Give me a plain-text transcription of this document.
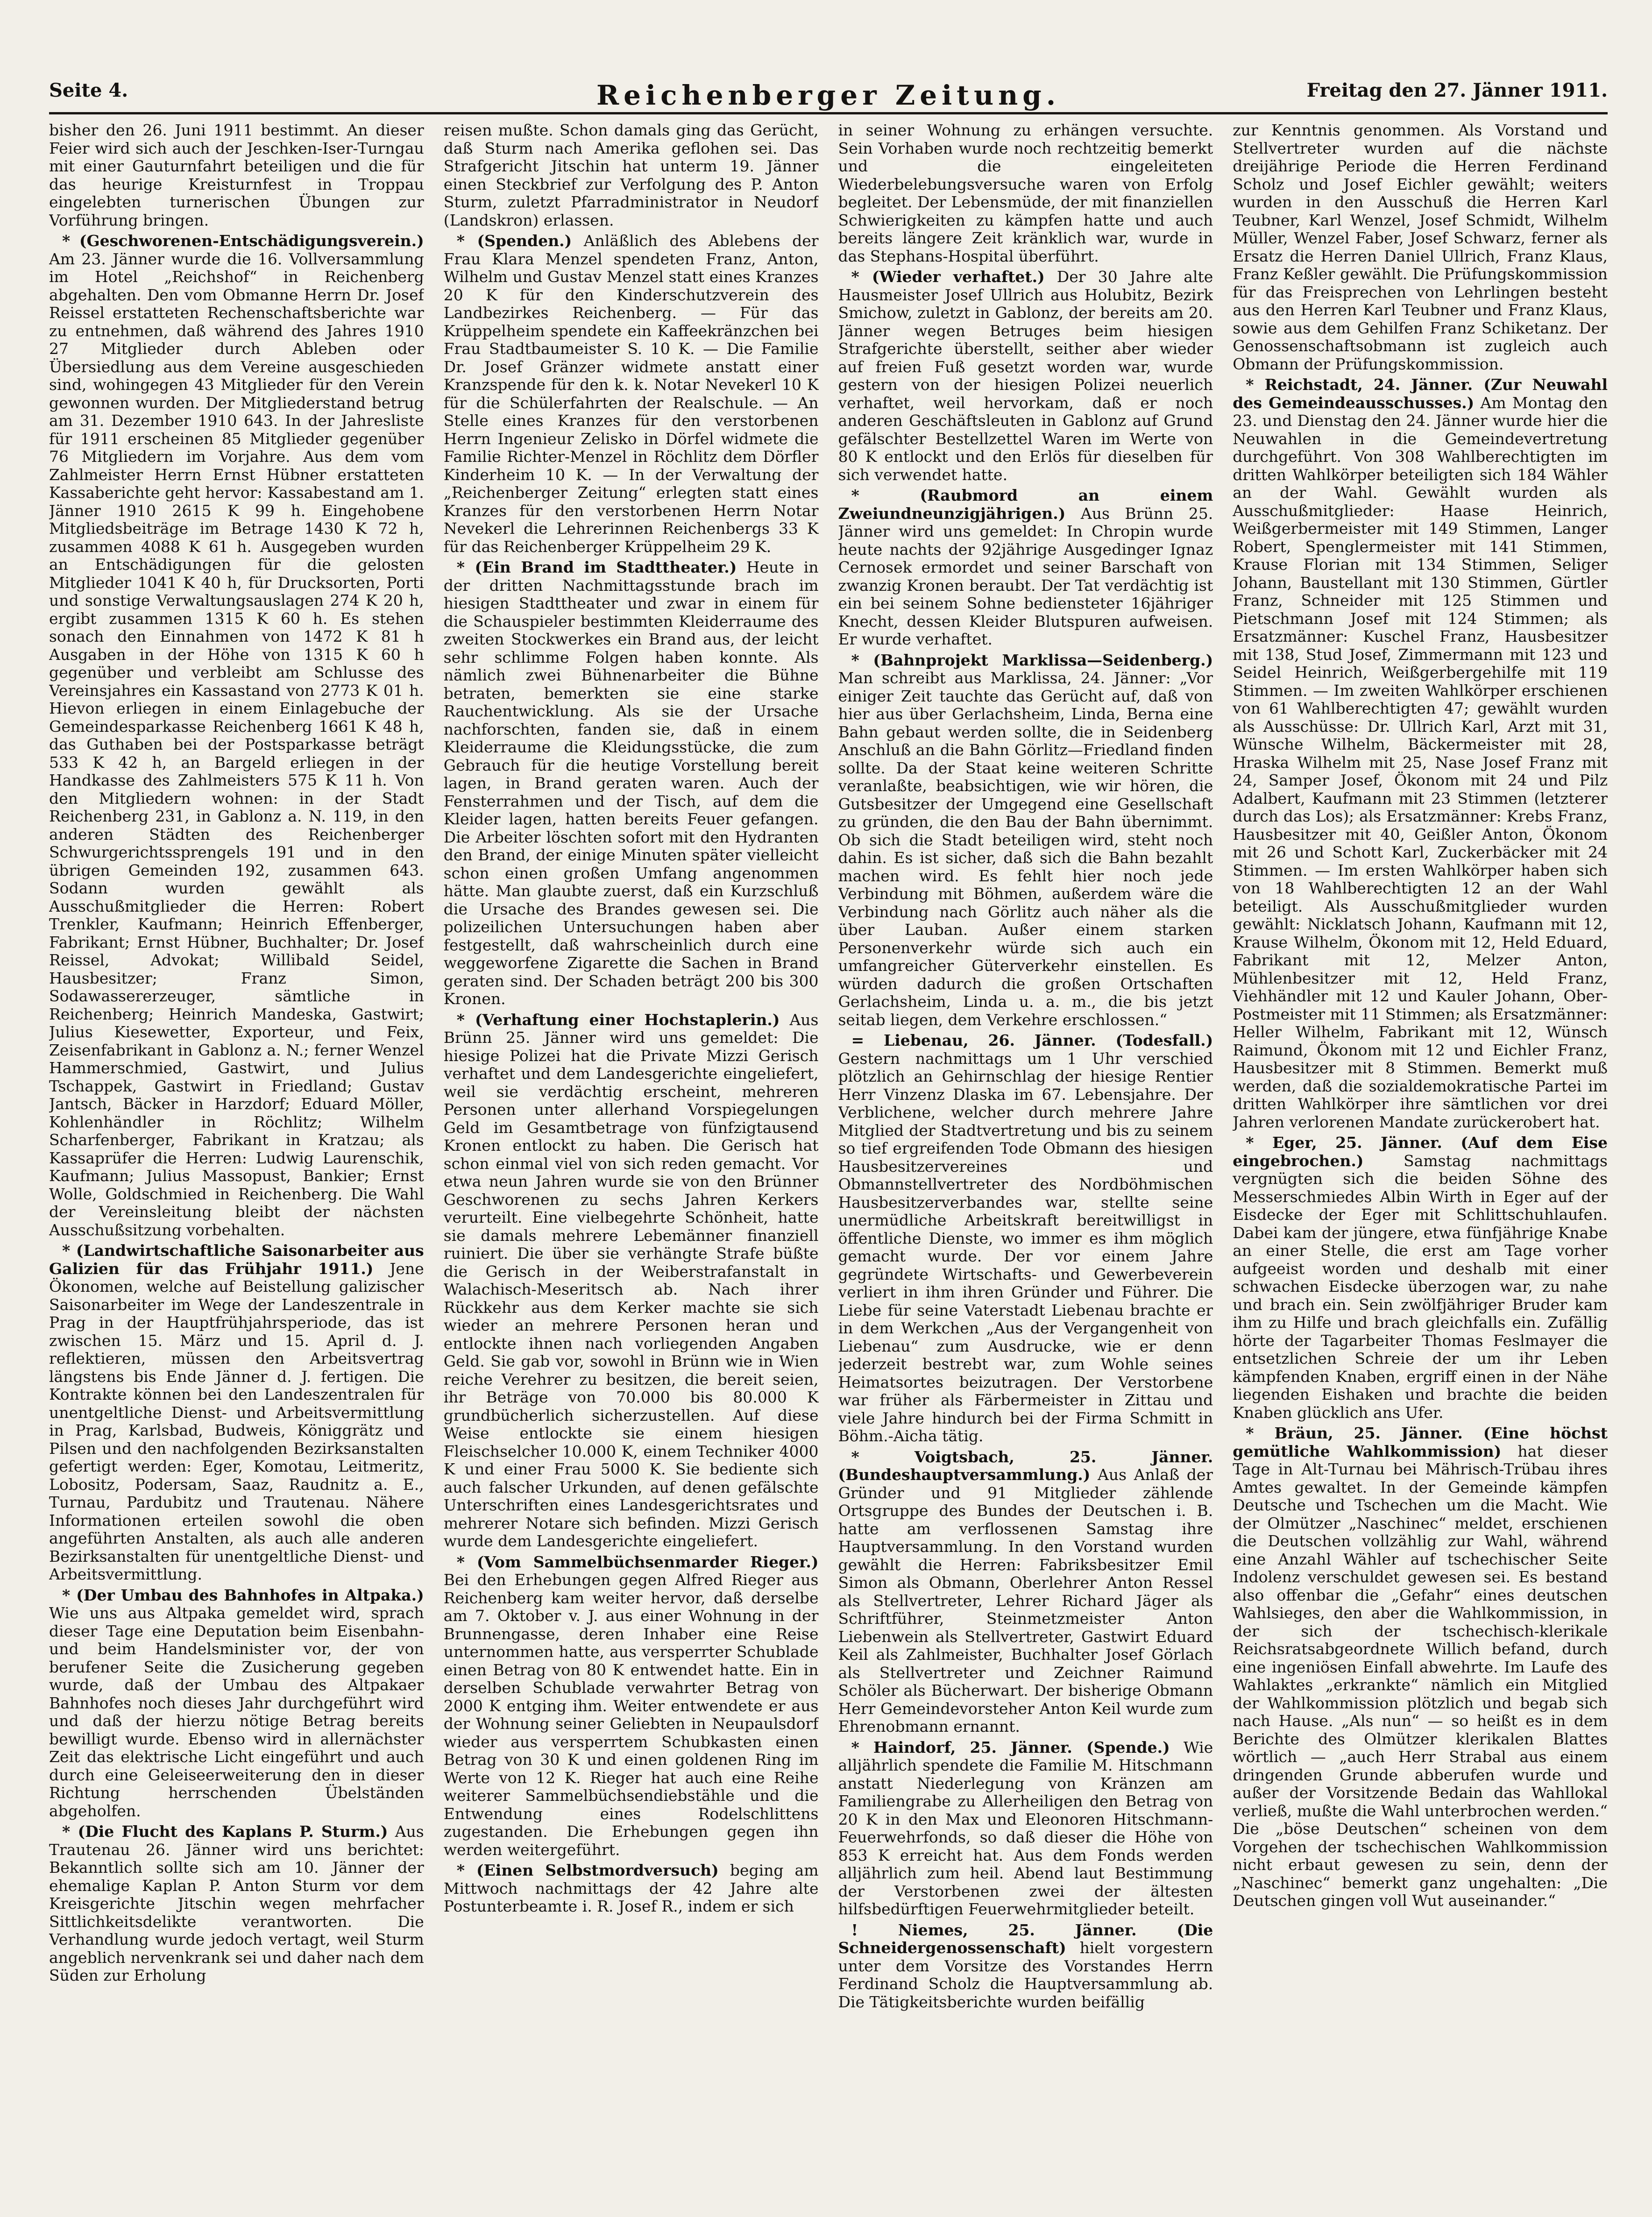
Seite 4.	Reichenberger Zeitung.	Freitag den 27. Jänner 1911.

bisher den 26. Juni 1911 bestimmt. An dieser Feier wird sich auch der Jeschken-Iser-Turngau mit einer Gauturnfahrt beteiligen und die für das heurige Kreisturnfest in Troppau eingelebten turnerischen Übungen zur Vorführung bringen.

* (Geschworenen-Entschädigungsverein.) Am 23. Jänner wurde die 16. Vollversammlung im Hotel „Reichshof“ in Reichenberg abgehalten. Den vom Obmanne Herrn Dr. Josef Reissel erstatteten Rechenschaftsberichte war zu entnehmen, daß während des Jahres 1910 27 Mitglieder durch Ableben oder Übersiedlung aus dem Vereine ausgeschieden sind, wohingegen 43 Mitglieder für den Verein gewonnen wurden. Der Mitgliederstand betrug am 31. Dezember 1910 643. In der Jahresliste für 1911 erscheinen 85 Mitglieder gegenüber 76 Mitgliedern im Vorjahre. Aus dem vom Zahlmeister Herrn Ernst Hübner erstatteten Kassaberichte geht hervor: Kassabestand am 1. Jänner 1910 2615 K 99 h. Eingehobene Mitgliedsbeiträge im Betrage 1430 K 72 h, zusammen 4088 K 61 h. Ausgegeben wurden an Entschädigungen für die gelosten Mitglieder 1041 K 40 h, für Drucksorten, Porti und sonstige Verwaltungsauslagen 274 K 20 h, ergibt zusammen 1315 K 60 h. Es stehen sonach den Einnahmen von 1472 K 81 h Ausgaben in der Höhe von 1315 K 60 h gegenüber und verbleibt am Schlusse des Vereinsjahres ein Kassastand von 2773 K 01 h. Hievon erliegen in einem Einlagebuche der Gemeindesparkasse Reichenberg 1661 K 48 h, das Guthaben bei der Postsparkasse beträgt 533 K 42 h, an Bargeld erliegen in der Handkasse des Zahlmeisters 575 K 11 h. Von den Mitgliedern wohnen: in der Stadt Reichenberg 231, in Gablonz a. N. 119, in den anderen Städten des Reichenberger Schwurgerichtssprengels 191 und in den übrigen Gemeinden 192, zusammen 643. Sodann wurden gewählt als Ausschußmitglieder die Herren: Robert Trenkler, Kaufmann; Heinrich Effenberger, Fabrikant; Ernst Hübner, Buchhalter; Dr. Josef Reissel, Advokat; Willibald Seidel, Hausbesitzer; Franz Simon, Sodawassererzeuger, sämtliche in Reichenberg; Heinrich Mandeska, Gastwirt; Julius Kiesewetter, Exporteur, und Feix, Zeisenfabrikant in Gablonz a. N.; ferner Wenzel Hammerschmied, Gastwirt, und Julius Tschappek, Gastwirt in Friedland; Gustav Jantsch, Bäcker in Harzdorf; Eduard Möller, Kohlenhändler in Röchlitz; Wilhelm Scharfenberger, Fabrikant in Kratzau; als Kassaprüfer die Herren: Ludwig Laurenschik, Kaufmann; Julius Massopust, Bankier; Ernst Wolle, Goldschmied in Reichenberg. Die Wahl der Vereinsleitung bleibt der nächsten Ausschußsitzung vorbehalten.

* (Landwirtschaftliche Saisonarbeiter aus Galizien für das Frühjahr 1911.) Jene Ökonomen, welche auf Beistellung galizischer Saisonarbeiter im Wege der Landeszentrale in Prag in der Hauptfrühjahrsperiode, das ist zwischen 15. März und 15. April d. J. reflektieren, müssen den Arbeitsvertrag längstens bis Ende Jänner d. J. fertigen. Die Kontrakte können bei den Landeszentralen für unentgeltliche Dienst- und Arbeitsvermittlung in Prag, Karlsbad, Budweis, Königgrätz und Pilsen und den nachfolgenden Bezirksanstalten gefertigt werden: Eger, Komotau, Leitmeritz, Lobositz, Podersam, Saaz, Raudnitz a. E., Turnau, Pardubitz und Trautenau. Nähere Informationen erteilen sowohl die oben angeführten Anstalten, als auch alle anderen Bezirksanstalten für unentgeltliche Dienst- und Arbeitsvermittlung.

* (Der Umbau des Bahnhofes in Altpaka.) Wie uns aus Altpaka gemeldet wird, sprach dieser Tage eine Deputation beim Eisenbahn- und beim Handelsminister vor, der von berufener Seite die Zusicherung gegeben wurde, daß der Umbau des Altpakaer Bahnhofes noch dieses Jahr durchgeführt wird und daß der hierzu nötige Betrag bereits bewilligt wurde. Ebenso wird in allernächster Zeit das elektrische Licht eingeführt und auch durch eine Geleiseerweiterung den in dieser Richtung herrschenden Übelständen abgeholfen.

* (Die Flucht des Kaplans P. Sturm.) Aus Trautenau 26. Jänner wird uns berichtet: Bekanntlich sollte sich am 10. Jänner der ehemalige Kaplan P. Anton Sturm vor dem Kreisgerichte Jitschin wegen mehrfacher Sittlichkeitsdelikte verantworten. Die Verhandlung wurde jedoch vertagt, weil Sturm angeblich nervenkrank sei und daher nach dem Süden zur Erholung

reisen mußte. Schon damals ging das Gerücht, daß Sturm nach Amerika geflohen sei. Das Strafgericht Jitschin hat unterm 19. Jänner einen Steckbrief zur Verfolgung des P. Anton Sturm, zuletzt Pfarradministrator in Neudorf (Landskron) erlassen.

* (Spenden.) Anläßlich des Ablebens der Frau Klara Menzel spendeten Franz, Anton, Wilhelm und Gustav Menzel statt eines Kranzes 20 K für den Kinderschutzverein des Landbezirkes Reichenberg. — Für das Krüppelheim spendete ein Kaffeekränzchen bei Frau Stadtbaumeister S. 10 K. — Die Familie Dr. Josef Gränzer widmete anstatt einer Kranzspende für den k. k. Notar Nevekerl 10 K für die Schülerfahrten der Realschule. — An Stelle eines Kranzes für den verstorbenen Herrn Ingenieur Zelisko in Dörfel widmete die Familie Richter-Menzel in Röchlitz dem Dörfler Kinderheim 10 K. — In der Verwaltung der „Reichenberger Zeitung“ erlegten statt eines Kranzes für den verstorbenen Herrn Notar Nevekerl die Lehrerinnen Reichenbergs 33 K für das Reichenberger Krüppelheim 29 K.

* (Ein Brand im Stadttheater.) Heute in der dritten Nachmittagsstunde brach im hiesigen Stadttheater und zwar in einem für die Schauspieler bestimmten Kleiderraume des zweiten Stockwerkes ein Brand aus, der leicht sehr schlimme Folgen haben konnte. Als nämlich zwei Bühnenarbeiter die Bühne betraten, bemerkten sie eine starke Rauchentwicklung. Als sie der Ursache nachforschten, fanden sie, daß in einem Kleiderraume die Kleidungsstücke, die zum Gebrauch für die heutige Vorstellung bereit lagen, in Brand geraten waren. Auch der Fensterrahmen und der Tisch, auf dem die Kleider lagen, hatten bereits Feuer gefangen. Die Arbeiter löschten sofort mit den Hydranten den Brand, der einige Minuten später vielleicht schon einen großen Umfang angenommen hätte. Man glaubte zuerst, daß ein Kurzschluß die Ursache des Brandes gewesen sei. Die polizeilichen Untersuchungen haben aber festgestellt, daß wahrscheinlich durch eine weggeworfene Zigarette die Sachen in Brand geraten sind. Der Schaden beträgt 200 bis 300 Kronen.

* (Verhaftung einer Hochstaplerin.) Aus Brünn 25. Jänner wird uns gemeldet: Die hiesige Polizei hat die Private Mizzi Gerisch verhaftet und dem Landesgerichte eingeliefert, weil sie verdächtig erscheint, mehreren Personen unter allerhand Vorspiegelungen Geld im Gesamtbetrage von fünfzigtausend Kronen entlockt zu haben. Die Gerisch hat schon einmal viel von sich reden gemacht. Vor etwa neun Jahren wurde sie von den Brünner Geschworenen zu sechs Jahren Kerkers verurteilt. Eine vielbegehrte Schönheit, hatte sie damals mehrere Lebemänner finanziell ruiniert. Die über sie verhängte Strafe büßte die Gerisch in der Weiberstrafanstalt in Walachisch-Meseritsch ab. Nach ihrer Rückkehr aus dem Kerker machte sie sich wieder an mehrere Personen heran und entlockte ihnen nach vorliegenden Angaben Geld. Sie gab vor, sowohl in Brünn wie in Wien reiche Verehrer zu besitzen, die bereit seien, ihr Beträge von 70.000 bis 80.000 K grundbücherlich sicherzustellen. Auf diese Weise entlockte sie einem hiesigen Fleischselcher 10.000 K, einem Techniker 4000 K und einer Frau 5000 K. Sie bediente sich auch falscher Urkunden, auf denen gefälschte Unterschriften eines Landesgerichtsrates und mehrerer Notare sich befinden. Mizzi Gerisch wurde dem Landesgerichte eingeliefert.

* (Vom Sammelbüchsenmarder Rieger.) Bei den Erhebungen gegen Alfred Rieger aus Reichenberg kam weiter hervor, daß derselbe am 7. Oktober v. J. aus einer Wohnung in der Brunnengasse, deren Inhaber eine Reise unternommen hatte, aus versperrter Schublade einen Betrag von 80 K entwendet hatte. Ein in derselben Schublade verwahrter Betrag von 2000 K entging ihm. Weiter entwendete er aus der Wohnung seiner Geliebten in Neupaulsdorf wieder aus versperrtem Schubkasten einen Betrag von 30 K und einen goldenen Ring im Werte von 12 K. Rieger hat auch eine Reihe weiterer Sammelbüchsendiebstähle und die Entwendung eines Rodelschlittens zugestanden. Die Erhebungen gegen ihn werden weitergeführt.

* (Einen Selbstmordversuch) beging am Mittwoch nachmittags der 42 Jahre alte Postunterbeamte i. R. Josef R., indem er sich

in seiner Wohnung zu erhängen versuchte. Sein Vorhaben wurde noch rechtzeitig bemerkt und die eingeleiteten Wiederbelebungsversuche waren von Erfolg begleitet. Der Lebensmüde, der mit finanziellen Schwierigkeiten zu kämpfen hatte und auch bereits längere Zeit kränklich war, wurde in das Stephans-Hospital überführt.

* (Wieder verhaftet.) Der 30 Jahre alte Hausmeister Josef Ullrich aus Holubitz, Bezirk Smichow, zuletzt in Gablonz, der bereits am 20. Jänner wegen Betruges beim hiesigen Strafgerichte überstellt, seither aber wieder auf freien Fuß gesetzt worden war, wurde gestern von der hiesigen Polizei neuerlich verhaftet, weil hervorkam, daß er noch anderen Geschäftsleuten in Gablonz auf Grund gefälschter Bestellzettel Waren im Werte von 80 K entlockt und den Erlös für dieselben für sich verwendet hatte.

* (Raubmord an einem Zweiundneunzigjährigen.) Aus Brünn 25. Jänner wird uns gemeldet: In Chropin wurde heute nachts der 92jährige Ausgedinger Ignaz Cernosek ermordet und seiner Barschaft von zwanzig Kronen beraubt. Der Tat verdächtig ist ein bei seinem Sohne bediensteter 16jähriger Knecht, dessen Kleider Blutspuren aufweisen. Er wurde verhaftet.

* (Bahnprojekt Marklissa—Seidenberg.) Man schreibt aus Marklissa, 24. Jänner: „Vor einiger Zeit tauchte das Gerücht auf, daß von hier aus über Gerlachsheim, Linda, Berna eine Bahn gebaut werden sollte, die in Seidenberg Anschluß an die Bahn Görlitz—Friedland finden sollte. Da der Staat keine weiteren Schritte veranlaßte, beabsichtigen, wie wir hören, die Gutsbesitzer der Umgegend eine Gesellschaft zu gründen, die den Bau der Bahn übernimmt. Ob sich die Stadt beteiligen wird, steht noch dahin. Es ist sicher, daß sich die Bahn bezahlt machen wird. Es fehlt hier noch jede Verbindung mit Böhmen, außerdem wäre die Verbindung nach Görlitz auch näher als die über Lauban. Außer einem starken Personenverkehr würde sich auch ein umfangreicher Güterverkehr einstellen. Es würden dadurch die großen Ortschaften Gerlachsheim, Linda u. a. m., die bis jetzt seitab liegen, dem Verkehre erschlossen.“

= Liebenau, 26. Jänner. (Todesfall.) Gestern nachmittags um 1 Uhr verschied plötzlich an Gehirnschlag der hiesige Rentier Herr Vinzenz Dlaska im 67. Lebensjahre. Der Verblichene, welcher durch mehrere Jahre Mitglied der Stadtvertretung und bis zu seinem so tief ergreifenden Tode Obmann des hiesigen Hausbesitzervereines und Obmannstellvertreter des Nordböhmischen Hausbesitzerverbandes war, stellte seine unermüdliche Arbeitskraft bereitwilligst in öffentliche Dienste, wo immer es ihm möglich gemacht wurde. Der vor einem Jahre gegründete Wirtschafts- und Gewerbeverein verliert in ihm ihren Gründer und Führer. Die Liebe für seine Vaterstadt Liebenau brachte er in dem Werkchen „Aus der Vergangenheit von Liebenau“ zum Ausdrucke, wie er denn jederzeit bestrebt war, zum Wohle seines Heimatsortes beizutragen. Der Verstorbene war früher als Färbermeister in Zittau und viele Jahre hindurch bei der Firma Schmitt in Böhm.-Aicha tätig.

* Voigtsbach, 25. Jänner. (Bundeshauptversammlung.) Aus Anlaß der Gründer und 91 Mitglieder zählende Ortsgruppe des Bundes der Deutschen i. B. hatte am verflossenen Samstag ihre Hauptversammlung. In den Vorstand wurden gewählt die Herren: Fabriksbesitzer Emil Simon als Obmann, Oberlehrer Anton Ressel als Stellvertreter, Lehrer Richard Jäger als Schriftführer, Steinmetzmeister Anton Liebenwein als Stellvertreter, Gastwirt Eduard Keil als Zahlmeister, Buchhalter Josef Görlach als Stellvertreter und Zeichner Raimund Schöler als Bücherwart. Der bisherige Obmann Herr Gemeindevorsteher Anton Keil wurde zum Ehrenobmann ernannt.

* Haindorf, 25. Jänner. (Spende.) Wie alljährlich spendete die Familie M. Hitschmann anstatt Niederlegung von Kränzen am Familiengrabe zu Allerheiligen den Betrag von 20 K in den Max und Eleonoren Hitschmann-Feuerwehrfonds, so daß dieser die Höhe von 853 K erreicht hat. Aus dem Fonds werden alljährlich zum heil. Abend laut Bestimmung der Verstorbenen zwei der ältesten hilfsbedürftigen Feuerwehrmitglieder beteilt.

! Niemes, 25. Jänner. (Die Schneidergenossenschaft) hielt vorgestern unter dem Vorsitze des Vorstandes Herrn Ferdinand Scholz die Hauptversammlung ab. Die Tätigkeitsberichte wurden beifällig

zur Kenntnis genommen. Als Vorstand und Stellvertreter wurden auf die nächste dreijährige Periode die Herren Ferdinand Scholz und Josef Eichler gewählt; weiters wurden in den Ausschuß die Herren Karl Teubner, Karl Wenzel, Josef Schmidt, Wilhelm Müller, Wenzel Faber, Josef Schwarz, ferner als Ersatz die Herren Daniel Ullrich, Franz Klaus, Franz Keßler gewählt. Die Prüfungskommission für das Freisprechen von Lehrlingen besteht aus den Herren Karl Teubner und Franz Klaus, sowie aus dem Gehilfen Franz Schiketanz. Der Genossenschaftsobmann ist zugleich auch Obmann der Prüfungskommission.

* Reichstadt, 24. Jänner. (Zur Neuwahl des Gemeindeausschusses.) Am Montag den 23. und Dienstag den 24. Jänner wurde hier die Neuwahlen in die Gemeindevertretung durchgeführt. Von 308 Wahlberechtigten im dritten Wahlkörper beteiligten sich 184 Wähler an der Wahl. Gewählt wurden als Ausschußmitglieder: Haase Heinrich, Weißgerbermeister mit 149 Stimmen, Langer Robert, Spenglermeister mit 141 Stimmen, Krause Florian mit 134 Stimmen, Seliger Johann, Baustellant mit 130 Stimmen, Gürtler Franz, Schneider mit 125 Stimmen und Pietschmann Josef mit 124 Stimmen; als Ersatzmänner: Kuschel Franz, Hausbesitzer mit 138, Stud Josef, Zimmermann mit 123 und Seidel Heinrich, Weißgerbergehilfe mit 119 Stimmen. — Im zweiten Wahlkörper erschienen von 61 Wahlberechtigten 47; gewählt wurden als Ausschüsse: Dr. Ullrich Karl, Arzt mit 31, Wünsche Wilhelm, Bäckermeister mit 28, Hraska Wilhelm mit 25, Nase Josef Franz mit 24, Samper Josef, Ökonom mit 24 und Pilz Adalbert, Kaufmann mit 23 Stimmen (letzterer durch das Los); als Ersatzmänner: Krebs Franz, Hausbesitzer mit 40, Geißler Anton, Ökonom mit 26 und Schott Karl, Zuckerbäcker mit 24 Stimmen. — Im ersten Wahlkörper haben sich von 18 Wahlberechtigten 12 an der Wahl beteiligt. Als Ausschußmitglieder wurden gewählt: Nicklatsch Johann, Kaufmann mit 12, Krause Wilhelm, Ökonom mit 12, Held Eduard, Fabrikant mit 12, Melzer Anton, Mühlenbesitzer mit 12, Held Franz, Viehhändler mit 12 und Kauler Johann, Ober-Postmeister mit 11 Stimmen; als Ersatzmänner: Heller Wilhelm, Fabrikant mit 12, Wünsch Raimund, Ökonom mit 12 und Eichler Franz, Hausbesitzer mit 8 Stimmen. Bemerkt muß werden, daß die sozialdemokratische Partei im dritten Wahlkörper ihre sämtlichen vor drei Jahren verlorenen Mandate zurückerobert hat.

* Eger, 25. Jänner. (Auf dem Eise eingebrochen.)	Samstag nachmittags vergnügten sich die beiden Söhne des Messerschmiedes Albin Wirth in Eger auf der Eisdecke der Eger mit Schlittschuhlaufen. Dabei kam der jüngere, etwa fünfjährige Knabe an einer Stelle, die erst am Tage vorher aufgeeist worden und deshalb mit einer schwachen Eisdecke überzogen war, zu nahe und brach ein. Sein zwölfjähriger Bruder kam ihm zu Hilfe und brach gleichfalls ein. Zufällig hörte der Tagarbeiter Thomas Feslmayer die entsetzlichen Schreie der um ihr Leben kämpfenden Knaben, ergriff einen in der Nähe liegenden Eishaken und brachte die beiden Knaben glücklich ans Ufer.

* Bräun, 25. Jänner. (Eine höchst gemütliche Wahlkommission) hat dieser Tage in Alt-Turnau bei Mährisch-Trübau ihres Amtes gewaltet. In der Gemeinde kämpfen Deutsche und Tschechen um die Macht. Wie der Olmützer „Naschinec“ meldet, erschienen die Deutschen vollzählig zur Wahl, während eine Anzahl Wähler auf tschechischer Seite Indolenz verschuldet gewesen sei. Es bestand also offenbar die „Gefahr“ eines deutschen Wahlsieges, den aber die Wahlkommission, in der sich der tschechisch-klerikale Reichsratsabgeordnete Willich befand, durch eine ingeniösen Einfall abwehrte. Im Laufe des Wahlaktes „erkrankte“ nämlich ein Mitglied der Wahlkommission plötzlich und begab sich nach Hause. „Als nun“ — so heißt es in dem Berichte des Olmützer klerikalen Blattes wörtlich — „auch Herr Strabal aus einem dringenden Grunde abberufen wurde und außer der Vorsitzende Bedain das Wahllokal verließ, mußte die Wahl unterbrochen werden.“ Die „böse Deutschen“ scheinen von dem Vorgehen der tschechischen Wahlkommission nicht erbaut gewesen zu sein, denn der „Naschinec“ bemerkt ganz ungehalten: „Die Deutschen gingen voll Wut auseinander.“
